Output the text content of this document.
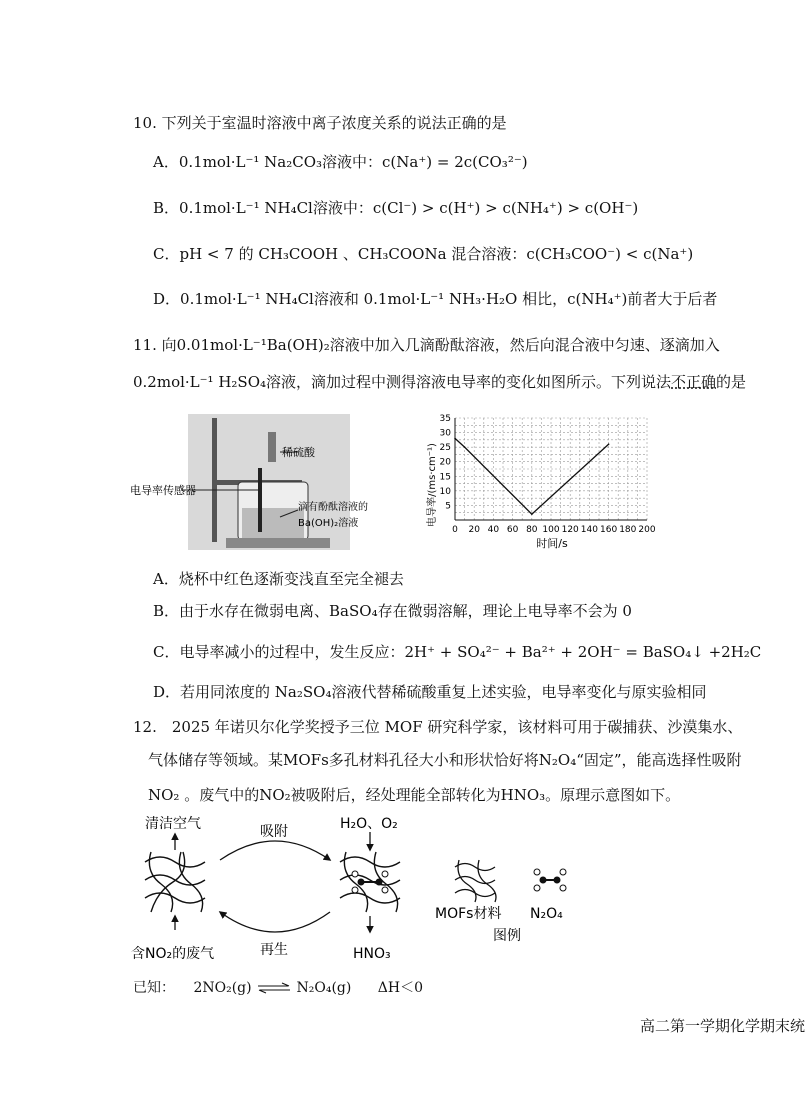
10. 下列关于室温时溶液中离子浓度关系的说法正确的是
A．0.1mol·L⁻¹ Na₂CO₃溶液中：c(Na⁺) = 2c(CO₃²⁻)
B．0.1mol·L⁻¹ NH₄Cl溶液中：c(Cl⁻) > c(H⁺) > c(NH₄⁺) > c(OH⁻)
C．pH < 7 的 CH₃COOH 、CH₃COONa 混合溶液：c(CH₃COO⁻) < c(Na⁺)
D．0.1mol·L⁻¹ NH₄Cl溶液和 0.1mol·L⁻¹ NH₃·H₂O 相比，c(NH₄⁺)前者大于后者
11. 向0.01mol·L⁻¹Ba(OH)₂溶液中加入几滴酚酞溶液，然后向混合液中匀速、逐滴加入
0.2mol·L⁻¹ H₂SO₄溶液，滴加过程中测得溶液电导率的变化如图所示。下列说法不正确的是
稀硫酸
电导率传感器
滴有酚酞溶液的
Ba(OH)₂溶液
0 20 40 60 80 100 120 140 160 180 200
5
10
15
20
25
30
35
电导率/(ms·cm⁻¹)
时间/s
A．烧杯中红色逐渐变浅直至完全褪去
B．由于水存在微弱电离、BaSO₄存在微弱溶解，理论上电导率不会为 0
C．电导率减小的过程中，发生反应：2H⁺ + SO₄²⁻ + Ba²⁺ + 2OH⁻ = BaSO₄↓ +2H₂C
D．若用同浓度的 Na₂SO₄溶液代替稀硫酸重复上述实验，电导率变化与原实验相同
12.　2025 年诺贝尔化学奖授予三位 MOF 研究科学家，该材料可用于碳捕获、沙漠集水、
气体储存等领域。某MOFs多孔材料孔径大小和形状恰好将N₂O₄“固定”，能高选择性吸附
NO₂ 。废气中的NO₂被吸附后，经处理能全部转化为HNO₃。原理示意图如下。
清洁空气
含NO₂的废气
吸附
再生
H₂O、O₂
HNO₃
MOFs材料 N₂O₄
图例
已知： 2NO₂(g) ⇌ N₂O₄(g) ΔH＜0
高二第一学期化学期末统
